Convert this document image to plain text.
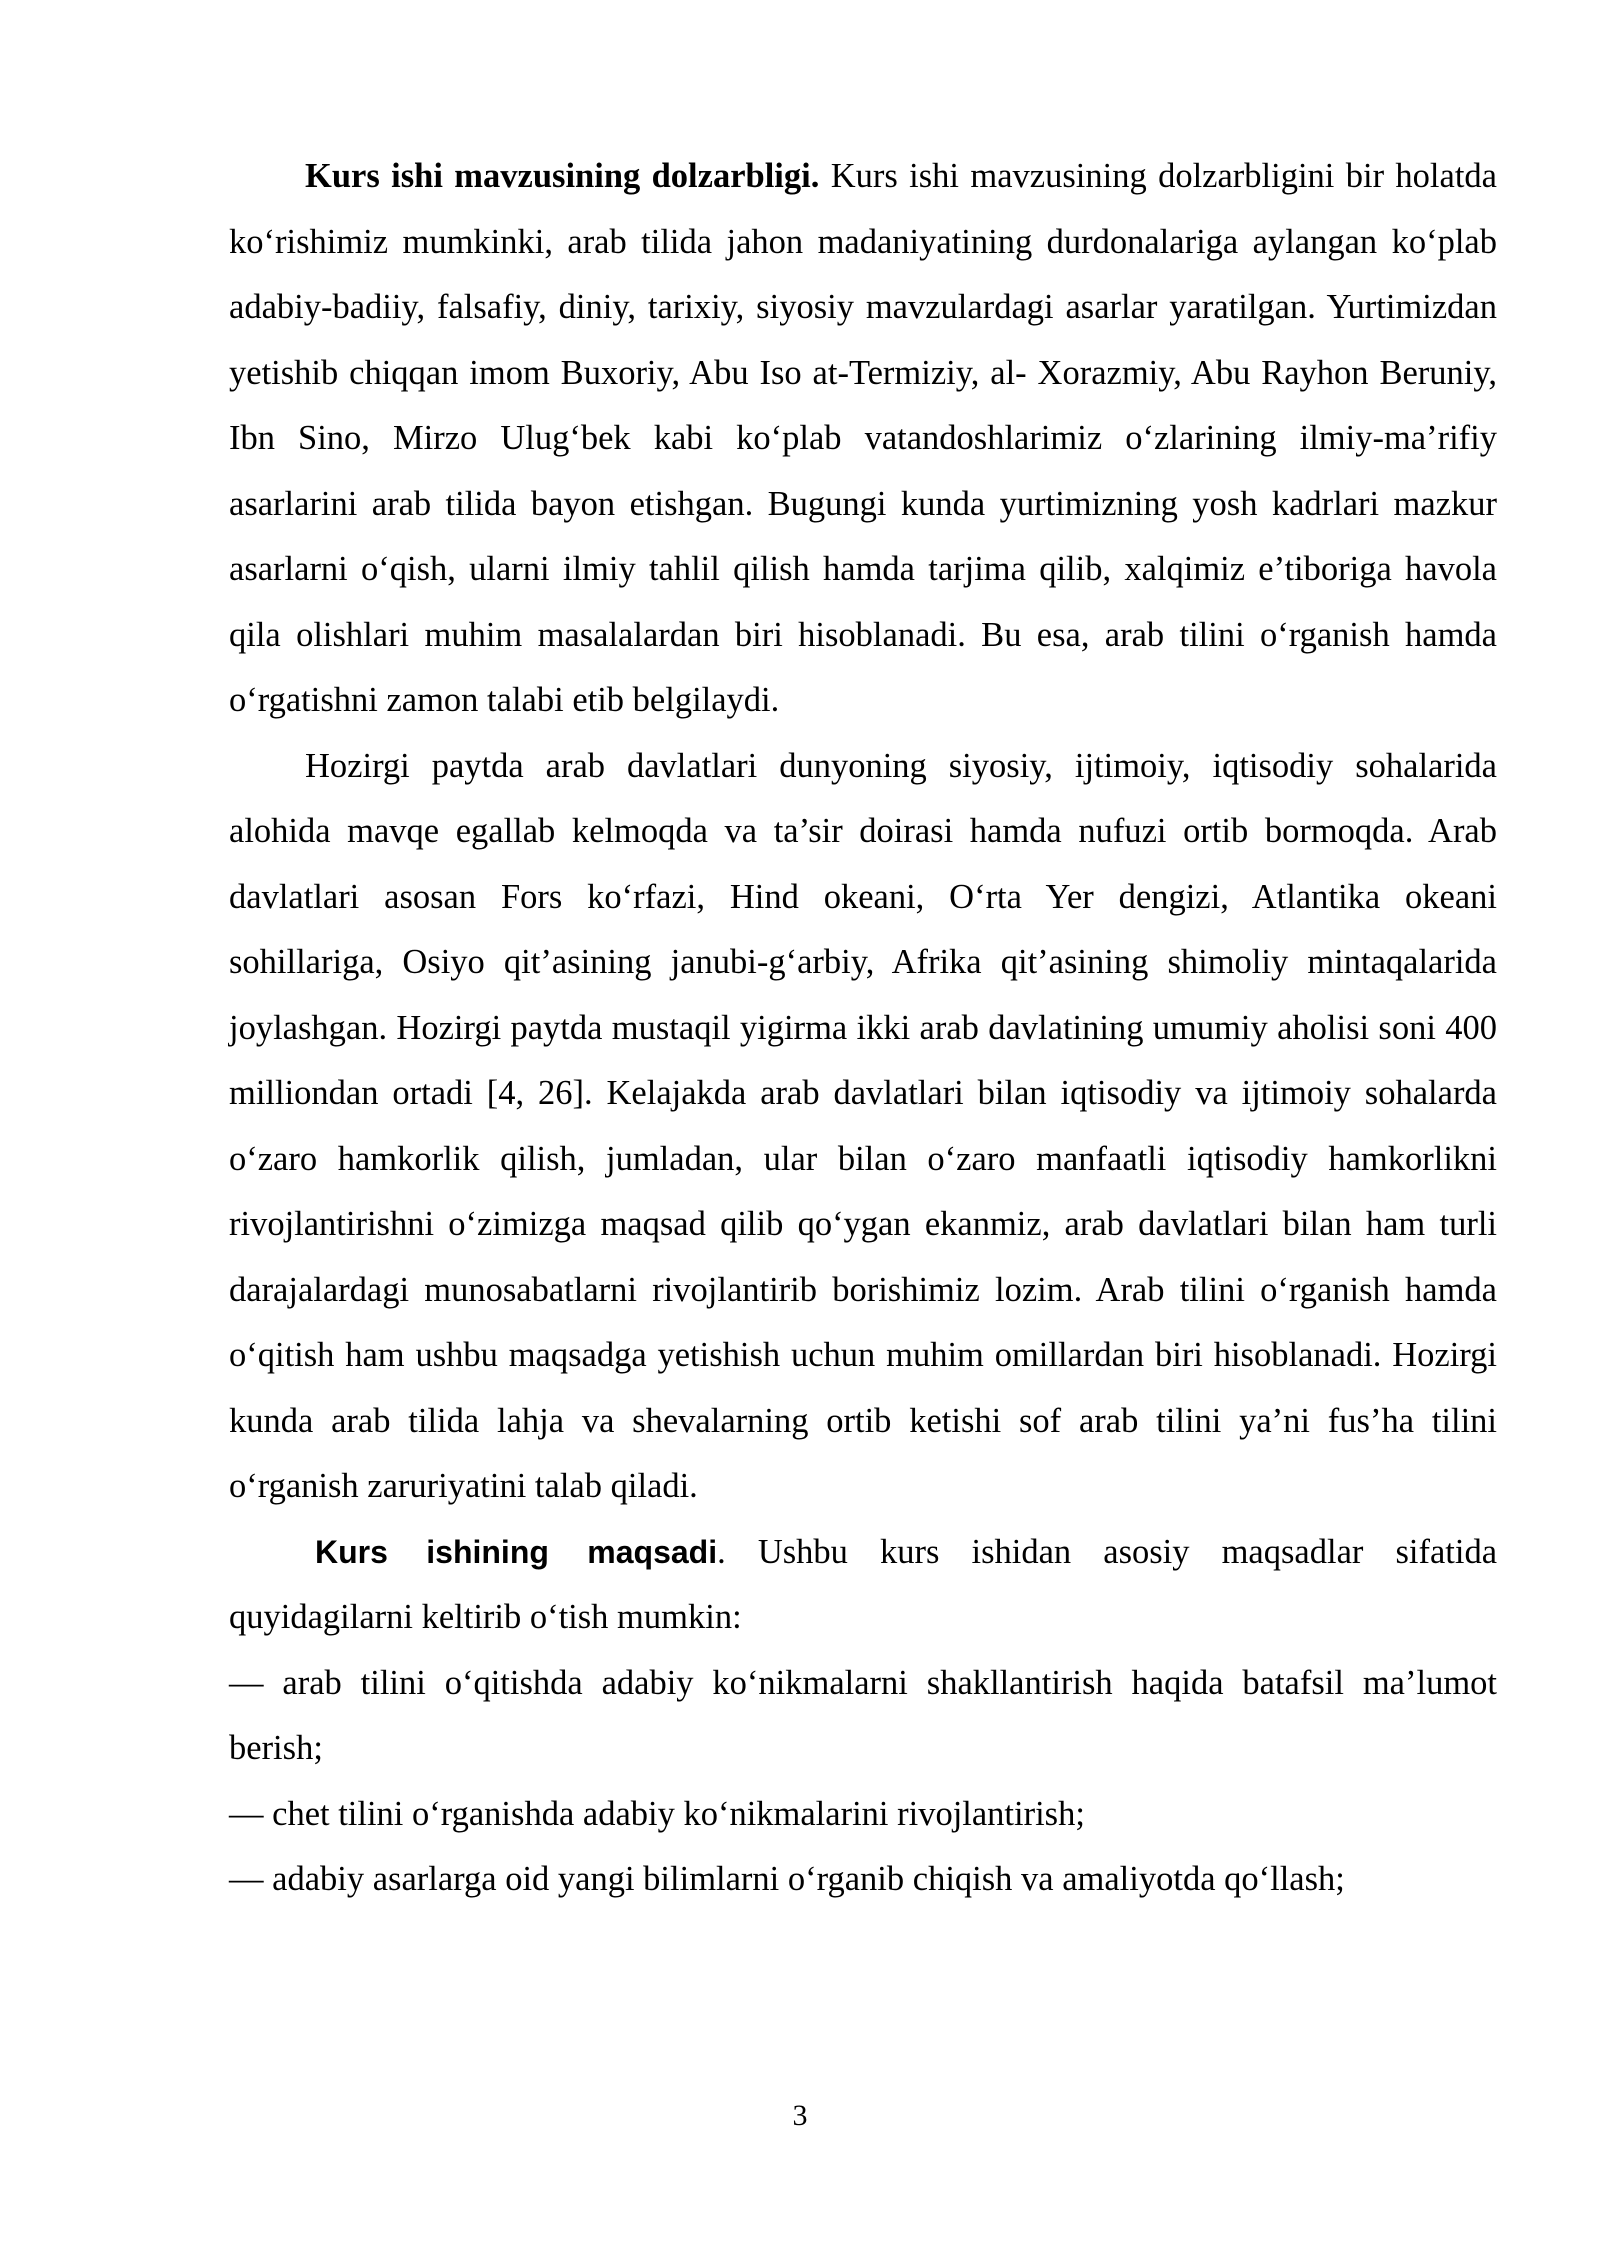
Kurs ishi mavzusining dolzarbligi. Kurs ishi mavzusining dolzarbligini bir holatda ko‘rishimiz mumkinki, arab tilida jahon madaniyatining durdonalariga aylangan ko‘plab adabiy-badiiy, falsafiy, diniy, tarixiy, siyosiy mavzulardagi asarlar yaratilgan. Yurtimizdan yetishib chiqqan imom Buxoriy, Abu Iso at-Termiziy, al- Xorazmiy, Abu Rayhon Beruniy, Ibn Sino, Mirzo Ulug‘bek kabi ko‘plab vatandoshlarimiz o‘zlarining ilmiy-ma’rifiy asarlarini arab tilida bayon etishgan. Bugungi kunda yurtimizning yosh kadrlari mazkur asarlarni o‘qish, ularni ilmiy tahlil qilish hamda tarjima qilib, xalqimiz e’tiboriga havola qila olishlari muhim masalalardan biri hisoblanadi. Bu esa, arab tilini o‘rganish hamda o‘rgatishni zamon talabi etib belgilaydi.

Hozirgi paytda arab davlatlari dunyoning siyosiy, ijtimoiy, iqtisodiy sohalarida alohida mavqe egallab kelmoqda va ta’sir doirasi hamda nufuzi ortib bormoqda. Arab davlatlari asosan Fors ko‘rfazi, Hind okeani, O‘rta Yer dengizi, Atlantika okeani sohillariga, Osiyo qit’asining janubi-g‘arbiy, Afrika qit’asining shimoliy mintaqalarida joylashgan. Hozirgi paytda mustaqil yigirma ikki arab davlatining umumiy aholisi soni 400 milliondan ortadi [4, 26]. Kelajakda arab davlatlari bilan iqtisodiy va ijtimoiy sohalarda o‘zaro hamkorlik qilish, jumladan, ular bilan o‘zaro manfaatli iqtisodiy hamkorlikni rivojlantirishni o‘zimizga maqsad qilib qo‘ygan ekanmiz, arab davlatlari bilan ham turli darajalardagi munosabatlarni rivojlantirib borishimiz lozim. Arab tilini o‘rganish hamda o‘qitish ham ushbu maqsadga yetishish uchun muhim omillardan biri hisoblanadi. Hozirgi kunda arab tilida lahja va shevalarning ortib ketishi sof arab tilini ya’ni fus’ha tilini o‘rganish zaruriyatini talab qiladi.

Kurs ishining maqsadi. Ushbu kurs ishidan asosiy maqsadlar sifatida quyidagilarni keltirib o‘tish mumkin:

— arab tilini o‘qitishda adabiy ko‘nikmalarni shakllantirish haqida batafsil ma’lumot berish;

— chet tilini o‘rganishda adabiy ko‘nikmalarini rivojlantirish;

— adabiy asarlarga oid yangi bilimlarni o‘rganib chiqish va amaliyotda qo‘llash;

3
